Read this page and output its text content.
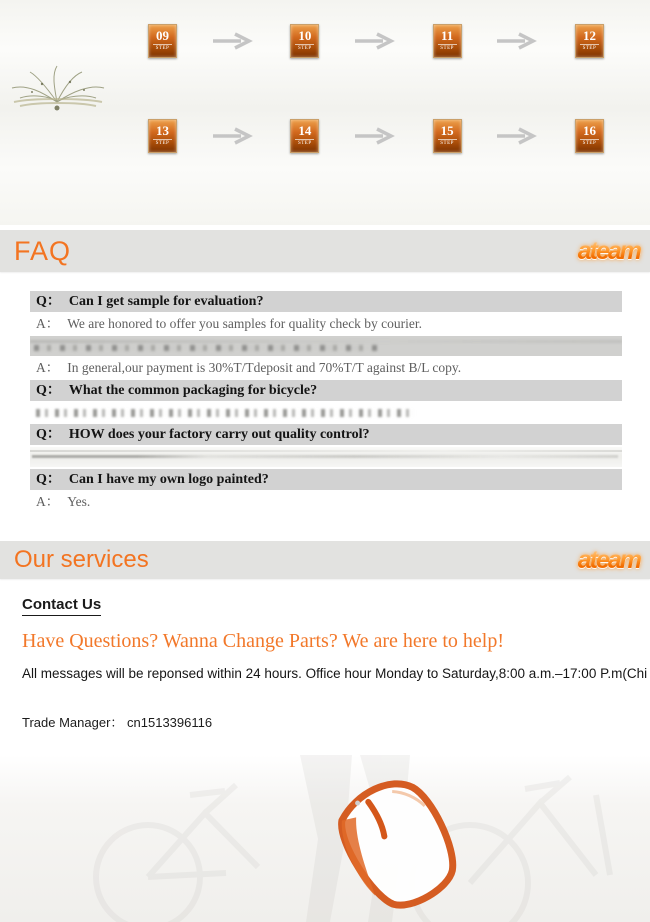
09
STEP
10
STEP
11
STEP
12
STEP
13
STEP
14
STEP
15
STEP
16
STEP
FAQ	ateam
Q： Can I get sample for evaluation?
A： We are honored to offer you samples for quality check by courier.
A： In general,our payment is 30%T/Tdeposit and 70%T/T against B/L copy.
Q： What the common packaging for bicycle?
Q： HOW does your factory carry out quality control?
Q： Can I have my own logo painted?
A： Yes.
Our services	ateam
Contact Us
Have Questions? Wanna Change Parts? We are here to help!
All messages will be reponsed within 24 hours. Office hour Monday to Saturday,8:00 a.m.–17:00 P.m(Chi
Trade Manager： cn1513396116
